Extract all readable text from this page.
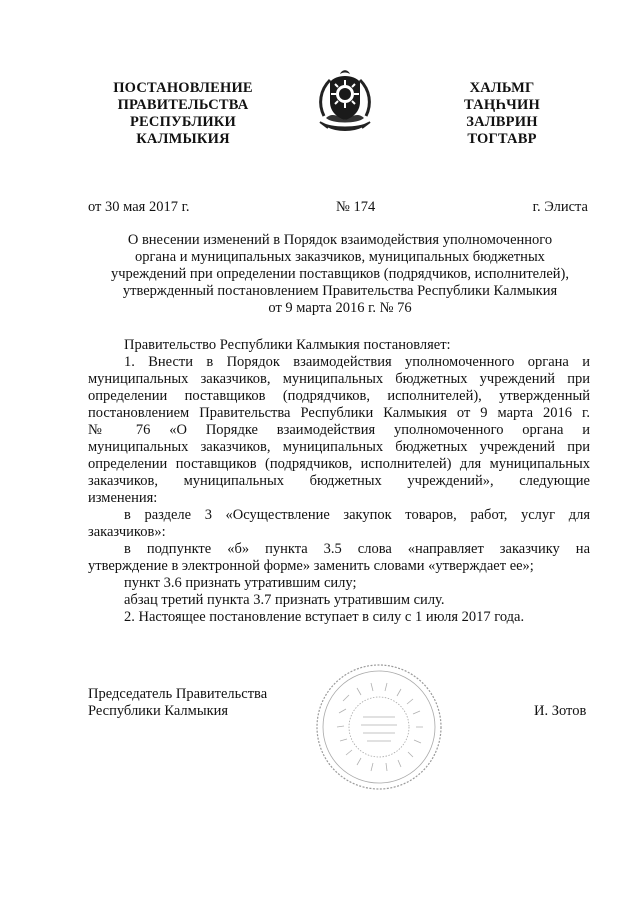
ПОСТАНОВЛЕНИЕ
ПРАВИТЕЛЬСТВА
РЕСПУБЛИКИ
КАЛМЫКИЯ
ХАЛЬМГ
ТАҢҺЧИН
ЗАЛВРИН
ТОГТАВР
от 30 мая 2017 г.	№ 174	г. Элиста
О внесении изменений в Порядок взаимодействия уполномоченного
органа и муниципальных заказчиков, муниципальных бюджетных
учреждений при определении поставщиков (подрядчиков, исполнителей),
утвержденный постановлением Правительства Республики Калмыкия
от 9 марта 2016 г. № 76
Правительство Республики Калмыкия постановляет:
1. Внести в Порядок взаимодействия уполномоченного органа и
муниципальных заказчиков, муниципальных бюджетных учреждений при
определении поставщиков (подрядчиков, исполнителей), утвержденный
постановлением Правительства Республики Калмыкия от 9 марта 2016 г.
№ 76 «О Порядке взаимодействия уполномоченного органа и
муниципальных заказчиков, муниципальных бюджетных учреждений при
определении поставщиков (подрядчиков, исполнителей) для муниципальных
заказчиков, муниципальных бюджетных учреждений», следующие
изменения:
в разделе 3 «Осуществление закупок товаров, работ, услуг для
заказчиков»:
в подпункте «б» пункта 3.5 слова «направляет заказчику на
утверждение в электронной форме» заменить словами «утверждает ее»;
пункт 3.6 признать утратившим силу;
абзац третий пункта 3.7 признать утратившим силу.
2. Настоящее постановление вступает в силу с 1 июля 2017 года.
Председатель Правительства
Республики Калмыкия	И. Зотов
